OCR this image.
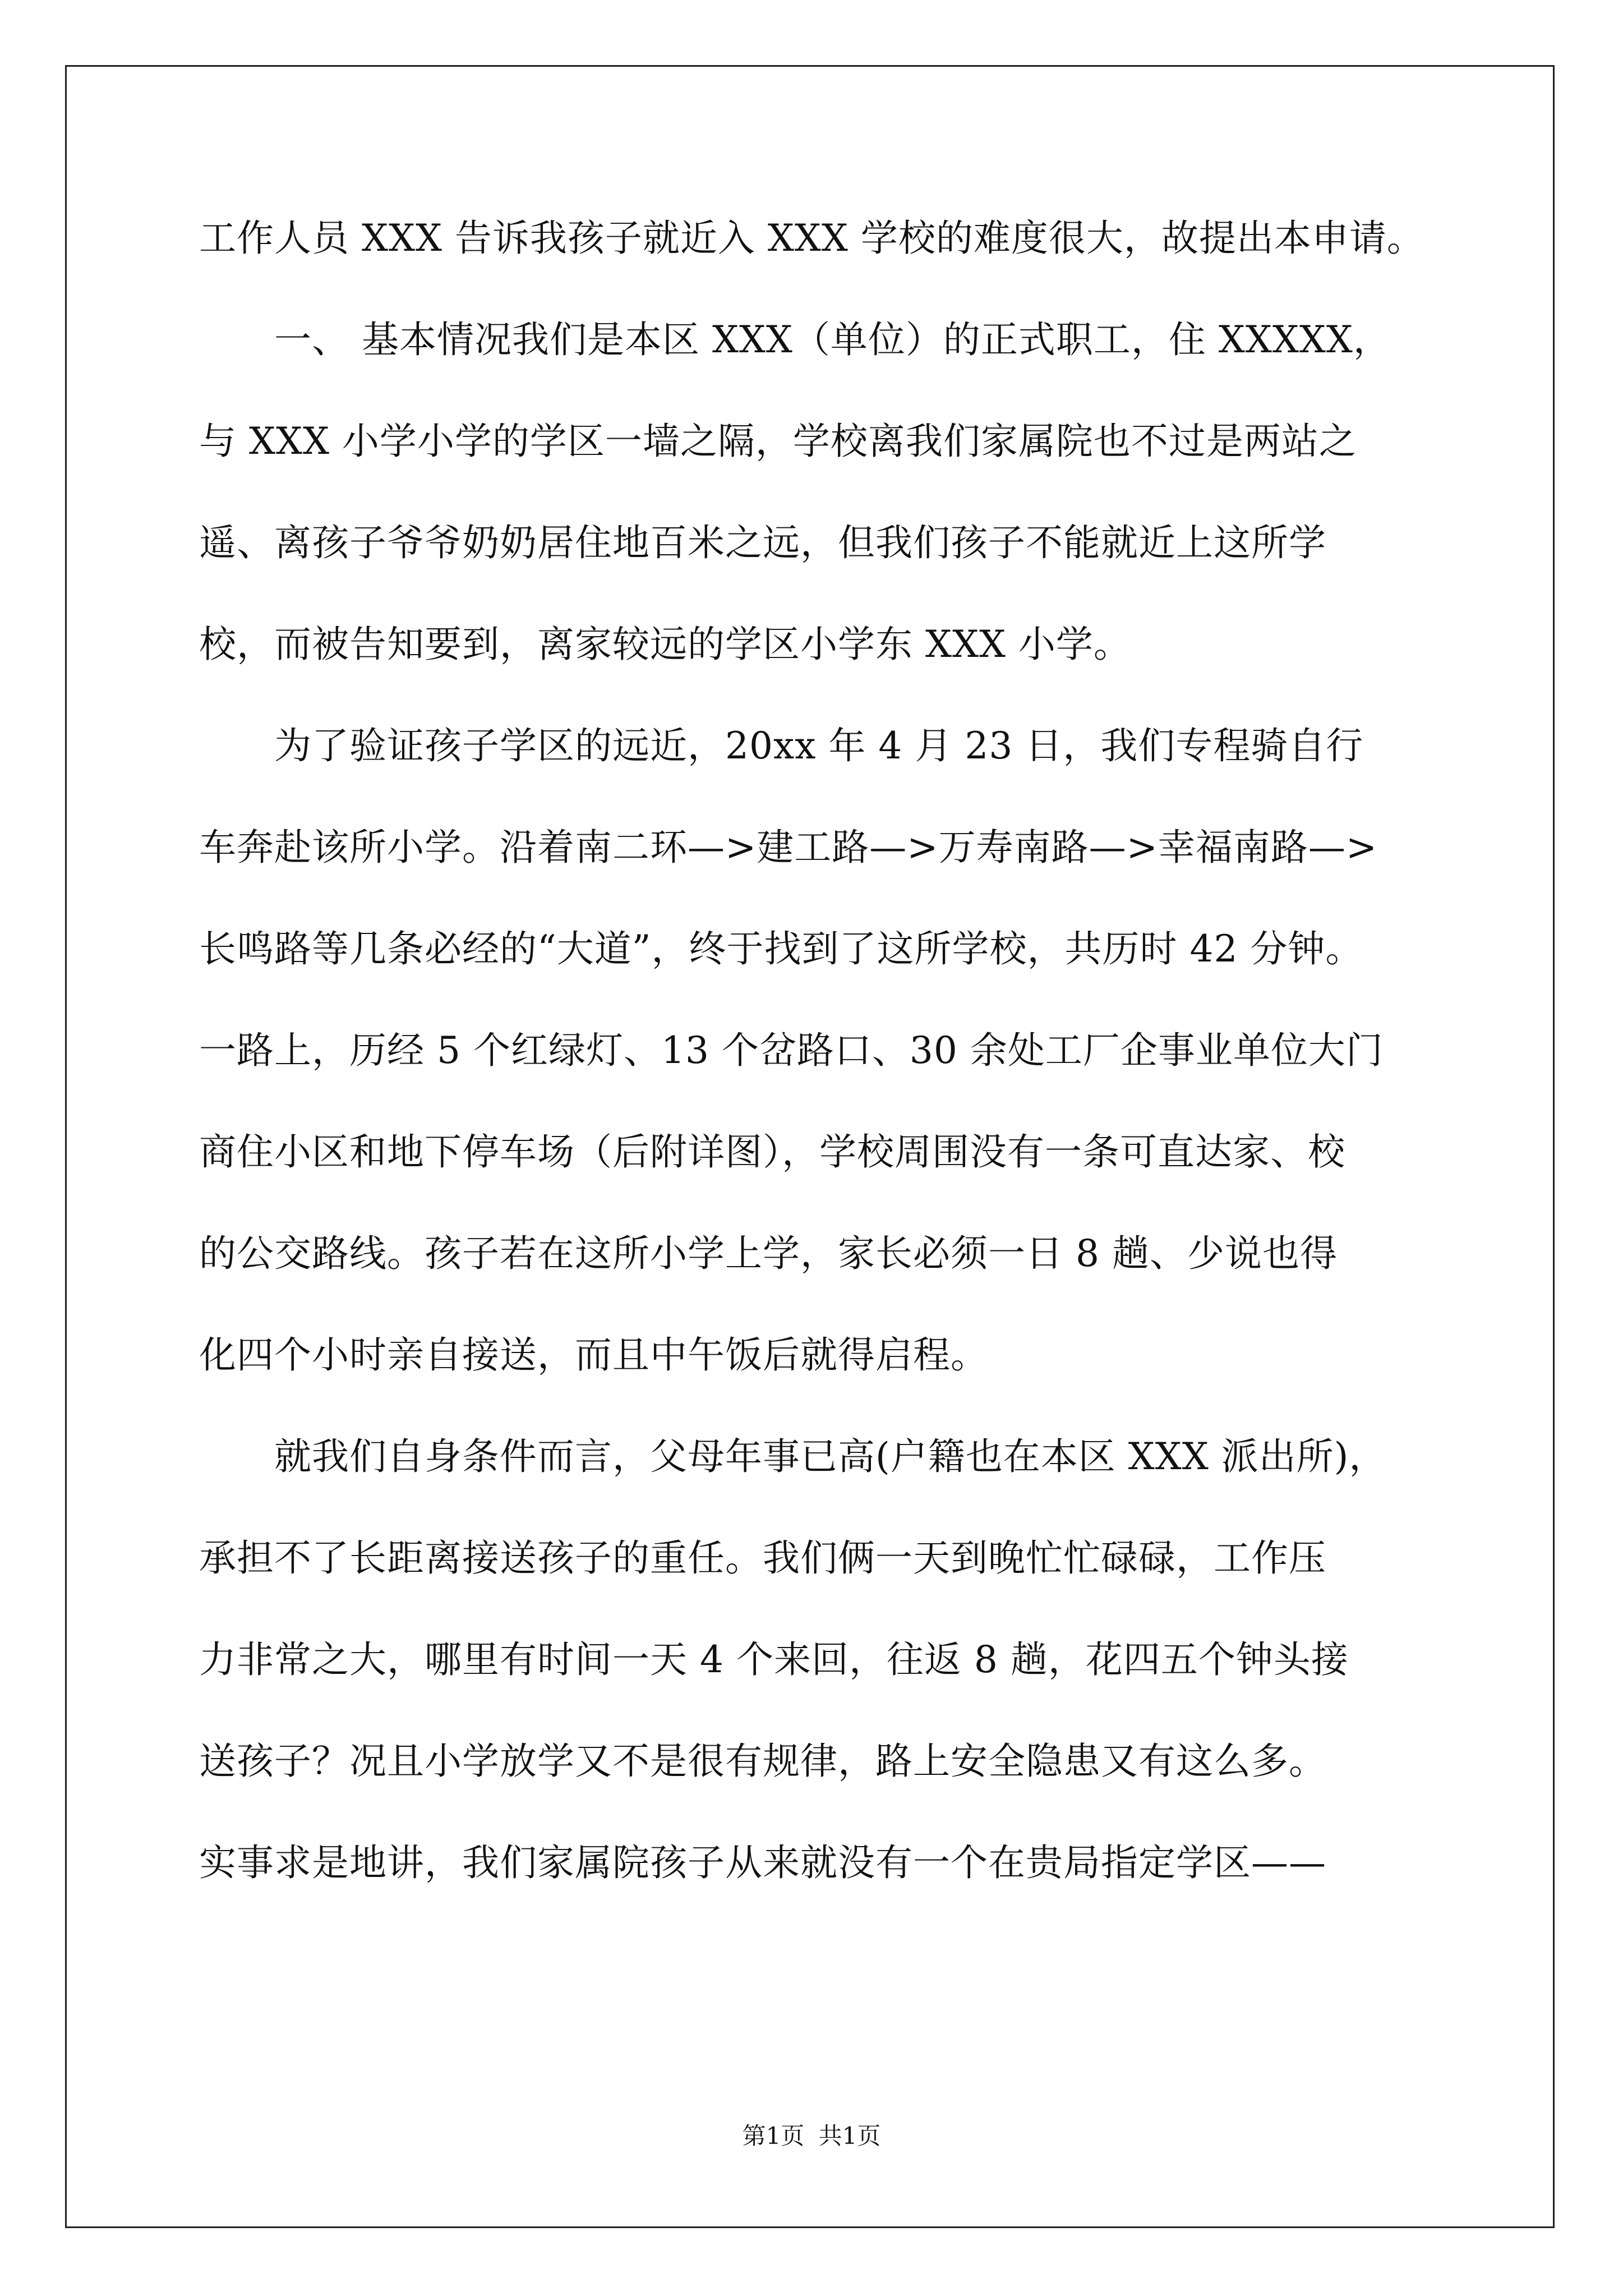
工作人员 XXX 告诉我孩子就近入 XXX 学校的难度很大，故提出本申请。
　　一、 基本情况我们是本区 XXX（单位）的正式职工，住 XXXXX，
与 XXX 小学小学的学区一墙之隔，学校离我们家属院也不过是两站之
遥、离孩子爷爷奶奶居住地百米之远，但我们孩子不能就近上这所学
校，而被告知要到，离家较远的学区小学东 XXX 小学。
　　为了验证孩子学区的远近，20xx 年 4 月 23 日，我们专程骑自行
车奔赴该所小学。沿着南二环—>建工路—>万寿南路—>幸福南路—>
长鸣路等几条必经的“大道”，终于找到了这所学校，共历时 42 分钟。
一路上，历经 5 个红绿灯、13 个岔路口、30 余处工厂企事业单位大门
商住小区和地下停车场（后附详图），学校周围没有一条可直达家、校
的公交路线。孩子若在这所小学上学，家长必须一日 8 趟、少说也得
化四个小时亲自接送，而且中午饭后就得启程。
　　就我们自身条件而言，父母年事已高(户籍也在本区 XXX 派出所)，
承担不了长距离接送孩子的重任。我们俩一天到晚忙忙碌碌，工作压
力非常之大，哪里有时间一天 4 个来回，往返 8 趟，花四五个钟头接
送孩子？况且小学放学又不是很有规律，路上安全隐患又有这么多。
实事求是地讲，我们家属院孩子从来就没有一个在贵局指定学区——
第1页 共1页
